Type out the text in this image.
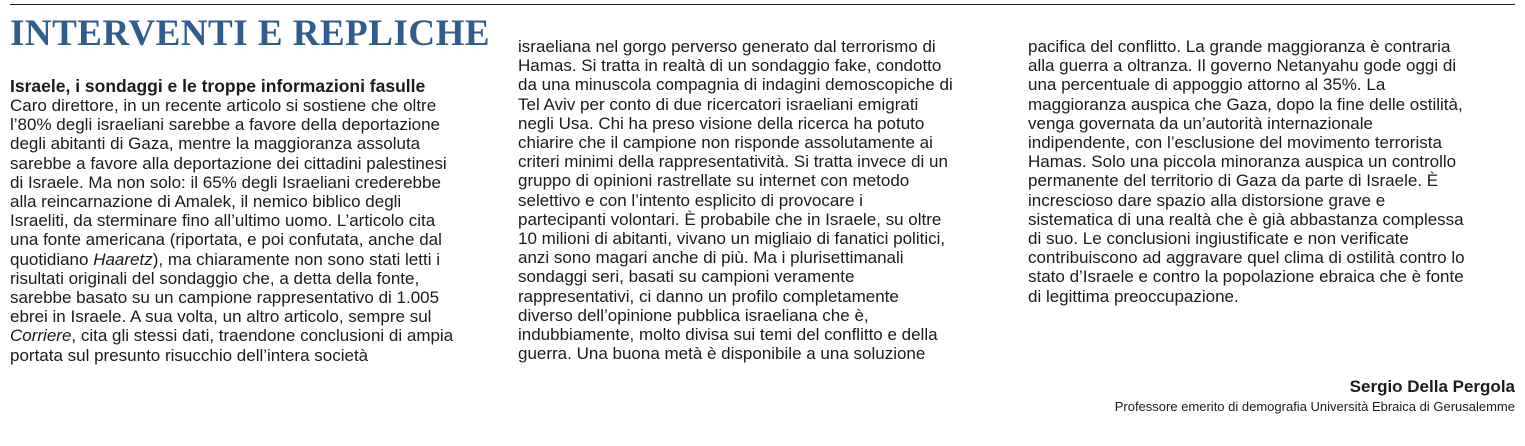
INTERVENTI E REPLICHE
Israele, i sondaggi e le troppe informazioni fasulle
Caro direttore, in un recente articolo si sostiene che oltre
l’80% degli israeliani sarebbe a favore della deportazione
degli abitanti di Gaza, mentre la maggioranza assoluta
sarebbe a favore alla deportazione dei cittadini palestinesi
di Israele. Ma non solo: il 65% degli Israeliani crederebbe
alla reincarnazione di Amalek, il nemico biblico degli
Israeliti, da sterminare fino all’ultimo uomo. L’articolo cita
una fonte americana (riportata, e poi confutata, anche dal
quotidiano Haaretz), ma chiaramente non sono stati letti i
risultati originali del sondaggio che, a detta della fonte,
sarebbe basato su un campione rappresentativo di 1.005
ebrei in Israele. A sua volta, un altro articolo, sempre sul
Corriere, cita gli stessi dati, traendone conclusioni di ampia
portata sul presunto risucchio dell’intera società
israeliana nel gorgo perverso generato dal terrorismo di
Hamas. Si tratta in realtà di un sondaggio fake, condotto
da una minuscola compagnia di indagini demoscopiche di
Tel Aviv per conto di due ricercatori israeliani emigrati
negli Usa. Chi ha preso visione della ricerca ha potuto
chiarire che il campione non risponde assolutamente ai
criteri minimi della rappresentatività. Si tratta invece di un
gruppo di opinioni rastrellate su internet con metodo
selettivo e con l’intento esplicito di provocare i
partecipanti volontari. È probabile che in Israele, su oltre
10 milioni di abitanti, vivano un migliaio di fanatici politici,
anzi sono magari anche di più. Ma i plurisettimanali
sondaggi seri, basati su campioni veramente
rappresentativi, ci danno un profilo completamente
diverso dell’opinione pubblica israeliana che è,
indubbiamente, molto divisa sui temi del conflitto e della
guerra. Una buona metà è disponibile a una soluzione
pacifica del conflitto. La grande maggioranza è contraria
alla guerra a oltranza. Il governo Netanyahu gode oggi di
una percentuale di appoggio attorno al 35%. La
maggioranza auspica che Gaza, dopo la fine delle ostilità,
venga governata da un’autorità internazionale
indipendente, con l’esclusione del movimento terrorista
Hamas. Solo una piccola minoranza auspica un controllo
permanente del territorio di Gaza da parte di Israele. È
increscioso dare spazio alla distorsione grave e
sistematica di una realtà che è già abbastanza complessa
di suo. Le conclusioni ingiustificate e non verificate
contribuiscono ad aggravare quel clima di ostilità contro lo
stato d’Israele e contro la popolazione ebraica che è fonte
di legittima preoccupazione.
Sergio Della Pergola
Professore emerito di demografia Università Ebraica di Gerusalemme
